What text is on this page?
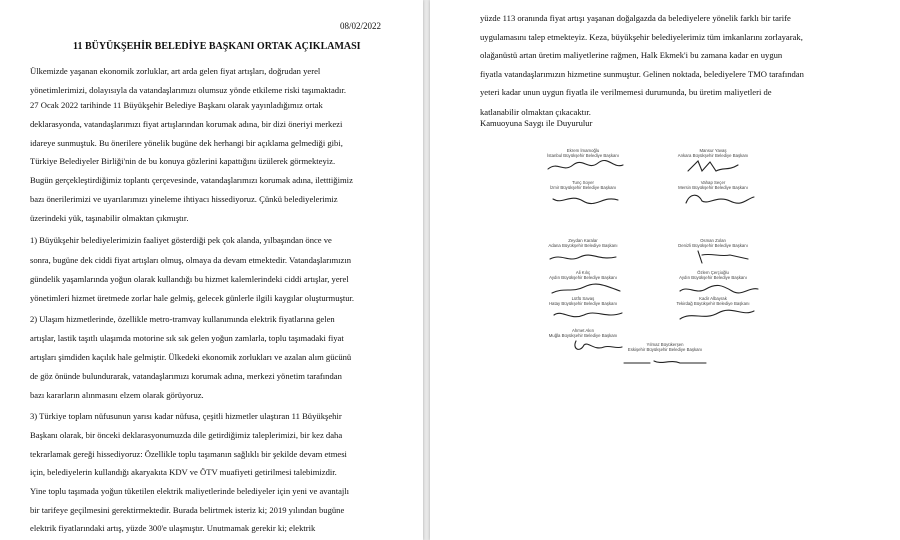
08/02/2022
11 BÜYÜKŞEHİR BELEDİYE BAŞKANI ORTAK AÇIKLAMASI
Ülkemizde yaşanan ekonomik zorluklar, art arda gelen fiyat artışları, doğrudan yerel
yönetimlerimizi, dolayısıyla da vatandaşlarımızı olumsuz yönde etkileme riski taşımaktadır.
27 Ocak 2022 tarihinde 11 Büyükşehir Belediye Başkanı olarak yayınladığımız ortak
deklarasyonda, vatandaşlarımızı fiyat artışlarından korumak adına, bir dizi öneriyi merkezi
idareye sunmuştuk. Bu önerilere yönelik bugüne dek herhangi bir açıklama gelmediği gibi,
Türkiye Belediyeler Birliği'nin de bu konuya gözlerini kapattığını üzülerek görmekteyiz.
Bugün gerçekleştirdiğimiz toplantı çerçevesinde, vatandaşlarımızı korumak adına, iletttiğimiz
bazı önerilerimizi ve uyarılarımızı yineleme ihtiyacı hissediyoruz. Çünkü belediyelerimiz
üzerindeki yük, taşınabilir olmaktan çıkmıştır.
1) Büyükşehir belediyelerimizin faaliyet gösterdiği pek çok alanda, yılbaşından önce ve
sonra, bugüne dek ciddi fiyat artışları olmuş, olmaya da devam etmektedir. Vatandaşlarımızın
gündelik yaşamlarında yoğun olarak kullandığı bu hizmet kalemlerindeki ciddi artışlar, yerel
yönetimleri hizmet üretmede zorlar hale gelmiş, gelecek günlerle ilgili kaygılar oluşturmuştur.
2) Ulaşım hizmetlerinde, özellikle metro-tramvay kullanımında elektrik fiyatlarına gelen
artışlar, lastik taşıtlı ulaşımda motorine sık sık gelen yoğun zamlarla, toplu taşımadaki fiyat
artışları şimdiden kaçılık hale gelmiştir. Ülkedeki ekonomik zorlukları ve azalan alım gücünü
de göz önünde bulundurarak, vatandaşlarımızı korumak adına, merkezi yönetim tarafından
bazı kararların alınmasını elzem olarak görüyoruz.
3) Türkiye toplam nüfusunun yarısı kadar nüfusa, çeşitli hizmetler ulaştıran 11 Büyükşehir
Başkanı olarak, bir önceki deklarasyonumuzda dile getirdiğimiz taleplerimizi, bir kez daha
tekrarlamak gereği hissediyoruz: Özellikle toplu taşımanın sağlıklı bir şekilde devam etmesi
için, belediyelerin kullandığı akaryakıta KDV ve ÖTV muafiyeti getirilmesi talebimizdir.
Yine toplu taşımada yoğun tüketilen elektrik maliyetlerinde belediyeler için yeni ve avantajlı
bir tarifeye geçilmesini gerektirmektedir. Burada belirtmek isteriz ki; 2019 yılından bugüne
elektrik fiyatlarındaki artış, yüzde 300'e ulaşmıştır. Unutmamak gerekir ki; elektrik
yüzde 113 oranında fiyat artışı yaşanan doğalgazda da belediyelere yönelik farklı bir tarife
uygulamasını talep etmekteyiz. Keza, büyükşehir belediyelerimiz tüm imkanlarını zorlayarak,
olağanüstü artan üretim maliyetlerine rağmen, Halk Ekmek'i bu zamana kadar en uygun
fiyatla vatandaşlarımızın hizmetine sunmuştur. Gelinen noktada, belediyelere TMO tarafından
yeteri kadar unun uygun fiyatla ile verilmemesi durumunda, bu üretim maliyetleri de
katlanabilir olmaktan çıkacaktır.
Kamuoyuna Saygı ile Duyurulur
Ekrem İmamoğlu
İstanbul Büyükşehir Belediye Başkanı
Mansur Yavaş
Ankara Büyükşehir Belediye Başkanı
Tunç Soyer
İzmir Büyükşehir Belediye Başkanı
Vahap Seçer
Mersin Büyükşehir Belediye Başkanı
Zeydan Karalar
Adana Büyükşehir Belediye Başkanı
Osman Zolan
Denizli Büyükşehir Belediye Başkanı
Ali Kılıç
Aydın Büyükşehir Belediye Başkanı
Özlem Çerçioğlu
Aydın Büyükşehir Belediye Başkanı
Lütfü Savaş
Hatay Büyükşehir Belediye Başkanı
Kadir Albayrak
Tekirdağ Büyükşehir Belediye Başkanı
Ahmet Akın
Muğla Büyükşehir Belediye Başkanı
Yılmaz Büyükerşen
Eskişehir Büyükşehir Belediye Başkanı
